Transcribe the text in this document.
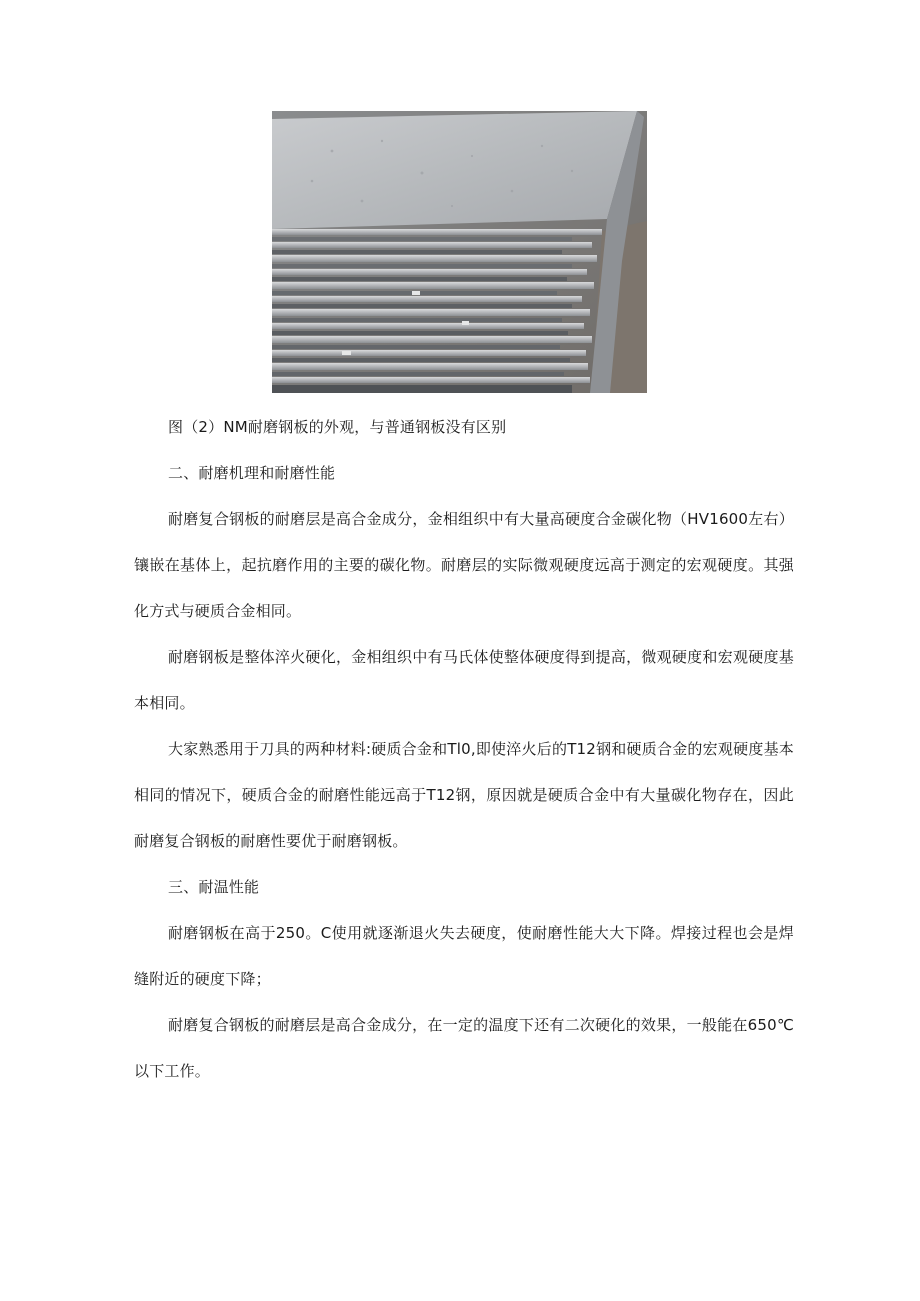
图（2）NM耐磨钢板的外观，与普通钢板没有区别

二、耐磨机理和耐磨性能

耐磨复合钢板的耐磨层是高合金成分，金相组织中有大量高硬度合金碳化物（HV1600左右）镶嵌在基体上，起抗磨作用的主要的碳化物。耐磨层的实际微观硬度远高于测定的宏观硬度。其强化方式与硬质合金相同。

耐磨钢板是整体淬火硬化，金相组织中有马氏体使整体硬度得到提高，微观硬度和宏观硬度基本相同。

大家熟悉用于刀具的两种材料:硬质合金和Tl0,即使淬火后的T12钢和硬质合金的宏观硬度基本相同的情况下，硬质合金的耐磨性能远高于T12钢，原因就是硬质合金中有大量碳化物存在，因此耐磨复合钢板的耐磨性要优于耐磨钢板。

三、耐温性能

耐磨钢板在高于250。C使用就逐渐退火失去硬度，使耐磨性能大大下降。焊接过程也会是焊缝附近的硬度下降；

耐磨复合钢板的耐磨层是高合金成分，在一定的温度下还有二次硬化的效果，一般能在650℃以下工作。
